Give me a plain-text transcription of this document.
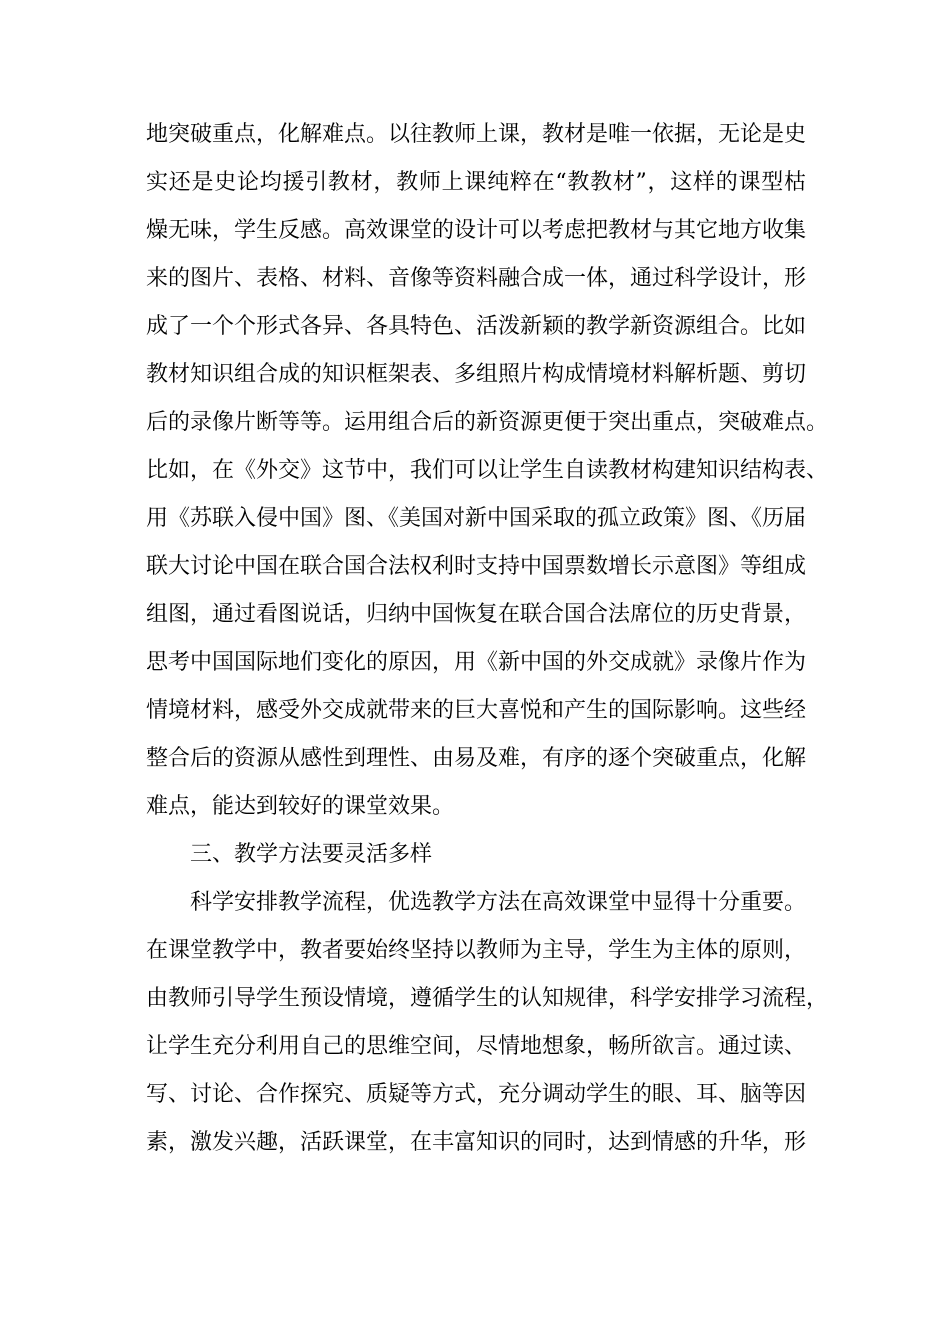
地突破重点，化解难点。以往教师上课，教材是唯一依据，无论是史
实还是史论均援引教材，教师上课纯粹在“教教材”，这样的课型枯
燥无味，学生反感。高效课堂的设计可以考虑把教材与其它地方收集
来的图片、表格、材料、音像等资料融合成一体，通过科学设计，形
成了一个个形式各异、各具特色、活泼新颖的教学新资源组合。比如
教材知识组合成的知识框架表、多组照片构成情境材料解析题、剪切
后的录像片断等等。运用组合后的新资源更便于突出重点，突破难点。
比如，在《外交》这节中，我们可以让学生自读教材构建知识结构表、
用《苏联入侵中国》图、《美国对新中国采取的孤立政策》图、《历届
联大讨论中国在联合国合法权利时支持中国票数增长示意图》等组成
组图，通过看图说话，归纳中国恢复在联合国合法席位的历史背景，
思考中国国际地们变化的原因，用《新中国的外交成就》录像片作为
情境材料，感受外交成就带来的巨大喜悦和产生的国际影响。这些经
整合后的资源从感性到理性、由易及难，有序的逐个突破重点，化解
难点，能达到较好的课堂效果。
三、教学方法要灵活多样
科学安排教学流程，优选教学方法在高效课堂中显得十分重要。
在课堂教学中，教者要始终坚持以教师为主导，学生为主体的原则，
由教师引导学生预设情境，遵循学生的认知规律，科学安排学习流程，
让学生充分利用自己的思维空间，尽情地想象，畅所欲言。通过读、
写、讨论、合作探究、质疑等方式，充分调动学生的眼、耳、脑等因
素，激发兴趣，活跃课堂，在丰富知识的同时，达到情感的升华，形
